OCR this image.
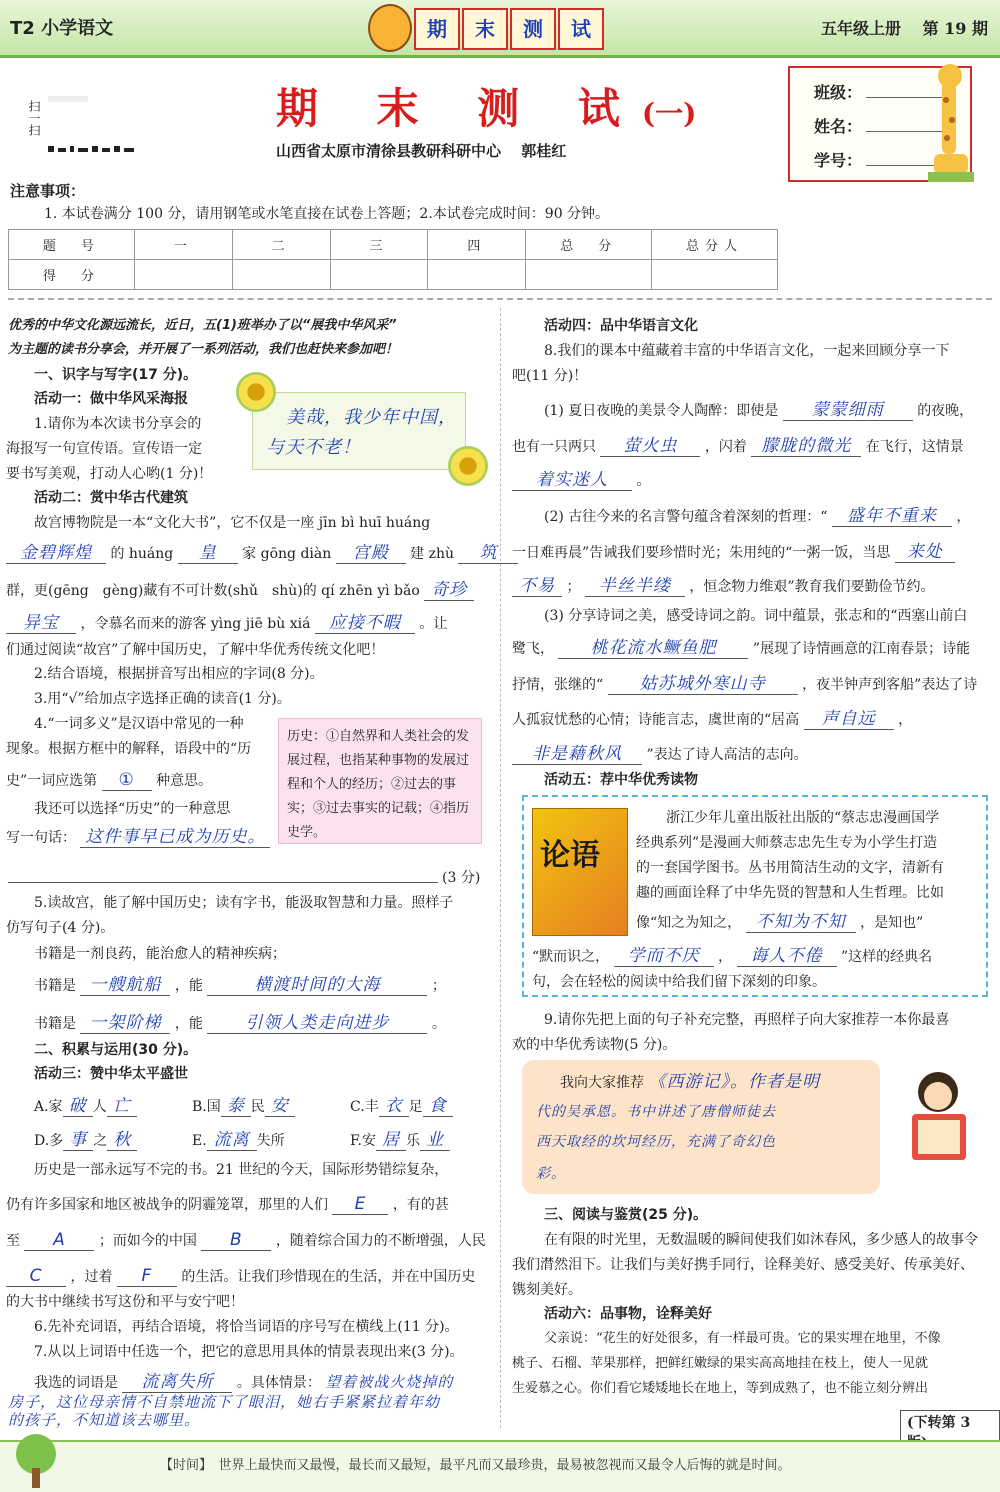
T2 小学语文	期	末	测	试	五年级上册　 第 19 期
扫一扫	期 末 测 试(一)
山西省太原市清徐县教研科研中心　 郭桂红
班级：
姓名：
学号：
注意事项：
1. 本试卷满分 100 分，请用钢笔或水笔直接在试卷上答题；2.本试卷完成时间：90 分钟。
题　号	一	二	三	四	总　分	总分人
得　分						
优秀的中华文化源远流长，近日，五(1)班举办了以“展我中华风采”
为主题的读书分享会，并开展了一系列活动，我们也赶快来参加吧！
一、识字与写字(17 分)。
活动一：做中华风采海报
1.请你为本次读书分享会的
海报写一句宣传语。宣传语一定
要书写美观，打动人心哟(1 分)！
美哉，我少年中国，
与天不老！
活动二：赏中华古代建筑
故宫博物院是一本“文化大书”，它不仅是一座 jīn bì huī huáng
金碧辉煌 的 huáng 皇 家 gōng diàn 宫殿 建 zhù 筑
群，更(gēng　gèng)藏有不可计数(shǔ　shù)的 qí zhēn yì bǎo 奇珍
异宝 ，令慕名而来的游客 yìng jiē bù xiá 应接不暇 。让
们通过阅读“故宫”了解中国历史，了解中华优秀传统文化吧！
2.结合语境，根据拼音写出相应的字词(8 分)。
3.用“√”给加点字选择正确的读音(1 分)。
4.“一词多义”是汉语中常见的一种
现象。根据方框中的解释，语段中的“历
史”一词应选第 ① 种意思。
我还可以选择“历史”的一种意思
写一句话： 这件事早已成为历史。
历史：①自然界和人类社会的发展过程，也指某种事物的发展过程和个人的经历；②过去的事实；③过去事实的记载；④指历史学。
(3 分)
5.读故宫，能了解中国历史；读有字书，能汲取智慧和力量。照样子
仿写句子(4 分)。
书籍是一剂良药，能治愈人的精神疾病；
书籍是 一艘航船 ，能	横渡时间的大海	；
书籍是 一架阶梯 ，能 引领人类走向进步	。
二、积累与运用(30 分)。
活动三：赞中华太平盛世
A.家 破 人 亡	B.国 泰 民 安	C.丰 衣 足 食
D.多 事 之 秋	E. 流离 失所	F.安 居 乐 业
历史是一部永远写不完的书。21 世纪的今天，国际形势错综复杂，
仍有许多国家和地区被战争的阴霾笼罩，那里的人们 E ，有的甚
至 A ；而如今的中国 B ，随着综合国力的不断增强，人民
C ，过着 F 的生活。让我们珍惜现在的生活，并在中国历史
的大书中继续书写这份和平与安宁吧！
6.先补充词语，再结合语境，将恰当词语的序号写在横线上(11 分)。
7.从以上词语中任选一个，把它的意思用具体的情景表现出来(3 分)。
我选的词语是 流离失所 。具体情景： 望着被战火烧掉的
房子，这位母亲情不自禁地流下了眼泪，她右手紧紧拉着年幼
的孩子，不知道该去哪里。
活动四：品中华语言文化
8.我们的课本中蕴藏着丰富的中华语言文化，一起来回顾分享一下
吧(11 分)！
(1) 夏日夜晚的美景令人陶醉：即使是 蒙蒙细雨 的夜晚，
也有一只两只 萤火虫 ，闪着 朦胧的微光 在飞行，这情景
着实迷人 。
(2) 古往今来的名言警句蕴含着深刻的哲理：“ 盛年不重来 ，
一日难再晨”告诫我们要珍惜时光；朱用纯的“一粥一饭，当思 来处
不易 ； 半丝半缕 ，恒念物力维艰”教育我们要勤俭节约。
(3) 分享诗词之美，感受诗词之韵。词中蕴景，张志和的“西塞山前白
鹭飞， 桃花流水鳜鱼肥	”展现了诗情画意的江南春景；诗能
抒情，张继的“ 姑苏城外寒山寺	，夜半钟声到客船”表达了诗
人孤寂忧愁的心情；诗能言志，虞世南的“居高 声自远 ，
非是藉秋风 ”表达了诗人高洁的志向。
活动五：荐中华优秀读物
论语
浙江少年儿童出版社出版的“蔡志忠漫画国学
经典系列”是漫画大师蔡志忠先生专为小学生打造
的一套国学图书。丛书用简洁生动的文字，清新有
趣的画面诠释了中华先贤的智慧和人生哲理。比如
像“知之为知之， 不知为不知 ，是知也”
“默而识之， 学而不厌 ， 诲人不倦 ”这样的经典名
句，会在轻松的阅读中给我们留下深刻的印象。
9.请你先把上面的句子补充完整，再照样子向大家推荐一本你最喜
欢的中华优秀读物(5 分)。
我向大家推荐 《西游记》。作者是明
代的吴承恩。书中讲述了唐僧师徒去
西天取经的坎坷经历，充满了奇幻色
彩。
三、阅读与鉴赏(25 分)。
在有限的时光里，无数温暖的瞬间使我们如沐春风，多少感人的故事令
我们潸然泪下。让我们与美好携手同行，诠释美好、感受美好、传承美好、
镌刻美好。
活动六：品事物，诠释美好
父亲说：“花生的好处很多，有一样最可贵。它的果实埋在地里，不像
桃子、石榴、苹果那样，把鲜红嫩绿的果实高高地挂在枝上，使人一见就
生爱慕之心。你们看它矮矮地长在地上，等到成熟了，也不能立刻分辨出
(下转第 3
【时间】　世界上最快而又最慢，最长而又最短，最平凡而又最珍贵，最易被忽视而又最令人后悔的就是时间。
